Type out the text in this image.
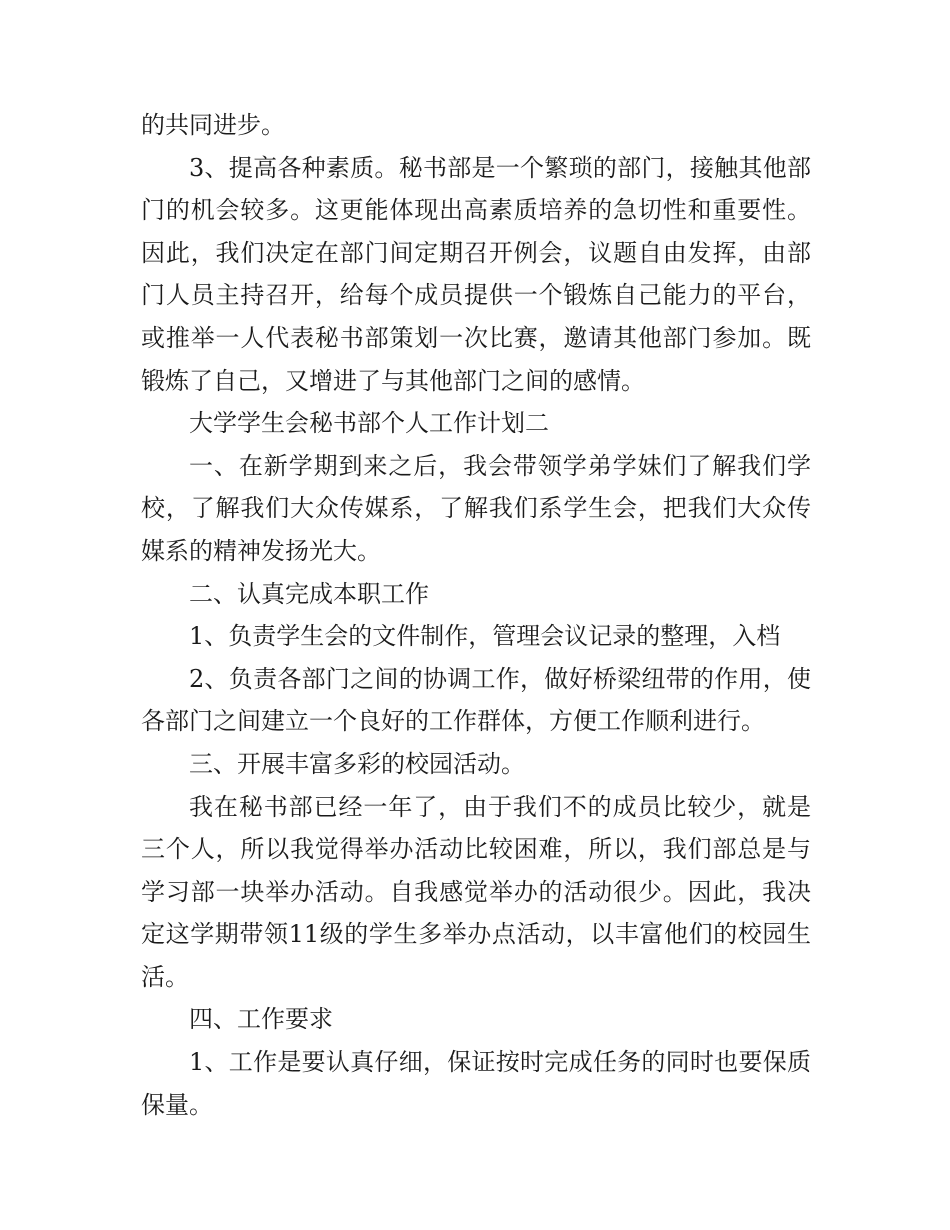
的共同进步。

3、提高各种素质。秘书部是一个繁琐的部门，接触其他部门的机会较多。这更能体现出高素质培养的急切性和重要性。因此，我们决定在部门间定期召开例会，议题自由发挥，由部门人员主持召开，给每个成员提供一个锻炼自己能力的平台，或推举一人代表秘书部策划一次比赛，邀请其他部门参加。既锻炼了自己，又增进了与其他部门之间的感情。

大学学生会秘书部个人工作计划二

一、在新学期到来之后，我会带领学弟学妹们了解我们学校，了解我们大众传媒系，了解我们系学生会，把我们大众传媒系的精神发扬光大。

二、认真完成本职工作

1、负责学生会的文件制作，管理会议记录的整理，入档

2、负责各部门之间的协调工作，做好桥梁纽带的作用，使各部门之间建立一个良好的工作群体，方便工作顺利进行。

三、开展丰富多彩的校园活动。

我在秘书部已经一年了，由于我们不的成员比较少，就是三个人，所以我觉得举办活动比较困难，所以，我们部总是与学习部一块举办活动。自我感觉举办的活动很少。因此，我决定这学期带领11级的学生多举办点活动，以丰富他们的校园生活。

四、工作要求

1、工作是要认真仔细，保证按时完成任务的同时也要保质保量。
